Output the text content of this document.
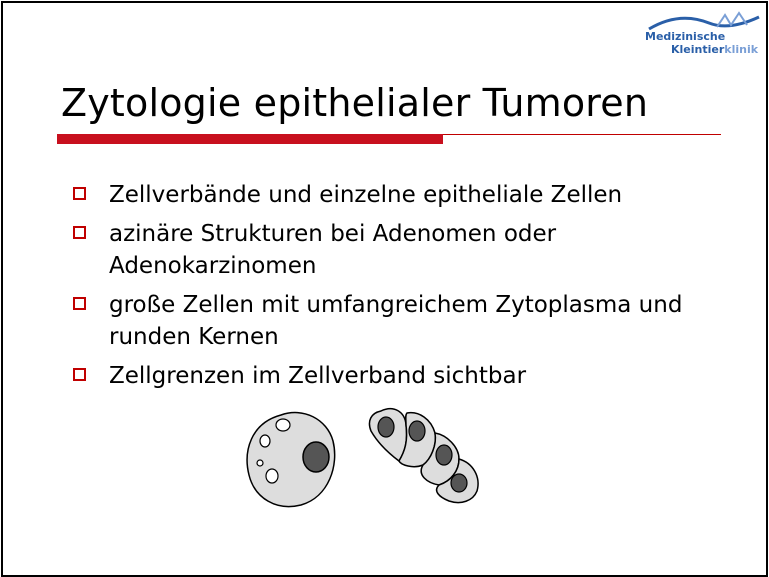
Medizinische
Kleintierklinik
Zytologie epithelialer Tumoren
Zellverbände und einzelne epitheliale Zellen
azinäre Strukturen bei Adenomen oder Adenokarzinomen
große Zellen mit umfangreichem Zytoplasma und runden Kernen
Zellgrenzen im Zellverband sichtbar
